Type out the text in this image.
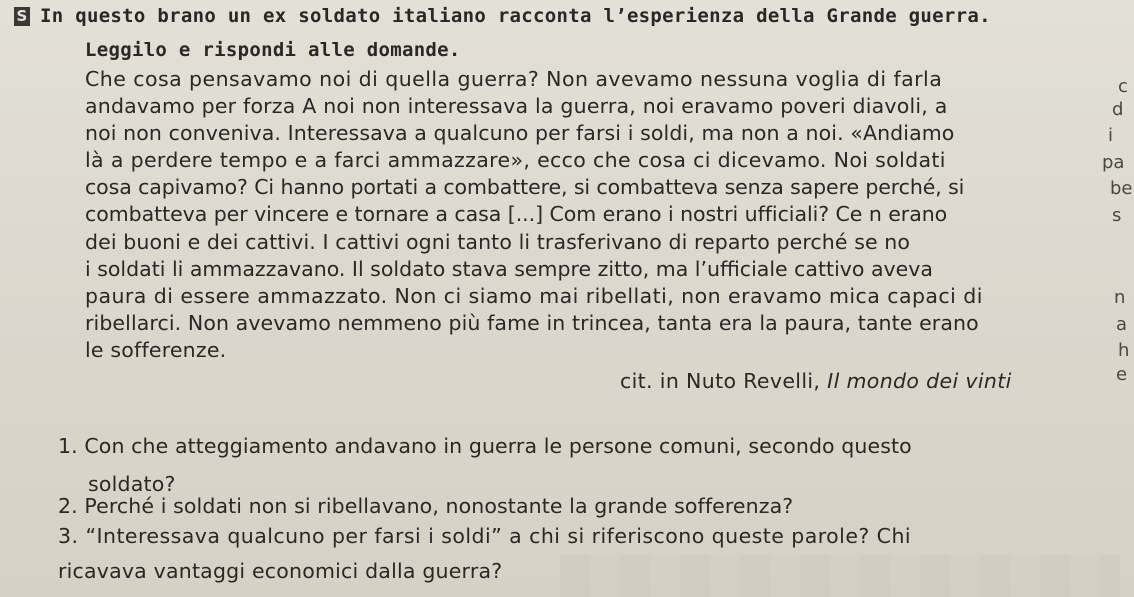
S In questo brano un ex soldato italiano racconta l’esperienza della Grande guerra.
Leggilo e rispondi alle domande.
Che cosa pensavamo noi di quella guerra? Non avevamo nessuna voglia di farla
andavamo per forza A noi non interessava la guerra, noi eravamo poveri diavoli, a
noi non conveniva. Interessava a qualcuno per farsi i soldi, ma non a noi. «Andiamo
là a perdere tempo e a farci ammazzare», ecco che cosa ci dicevamo. Noi soldati
cosa capivamo? Ci hanno portati a combattere, si combatteva senza sapere perché, si
combatteva per vincere e tornare a casa [...] Com erano i nostri ufficiali? Ce n erano
dei buoni e dei cattivi. I cattivi ogni tanto li trasferivano di reparto perché se no
i soldati li ammazzavano. Il soldato stava sempre zitto, ma l’ufficiale cattivo aveva
paura di essere ammazzato. Non ci siamo mai ribellati, non eravamo mica capaci di
ribellarci. Non avevamo nemmeno più fame in trincea, tanta era la paura, tante erano
le sofferenze.
cit. in Nuto Revelli, Il mondo dei vinti
1. Con che atteggiamento andavano in guerra le persone comuni, secondo questo
soldato?
2. Perché i soldati non si ribellavano, nonostante la grande sofferenza?
3. “Interessava qualcuno per farsi i soldi” a chi si riferiscono queste parole? Chi
ricavava vantaggi economici dalla guerra?
c
d
i
pa
be
s
n
a
h
e
